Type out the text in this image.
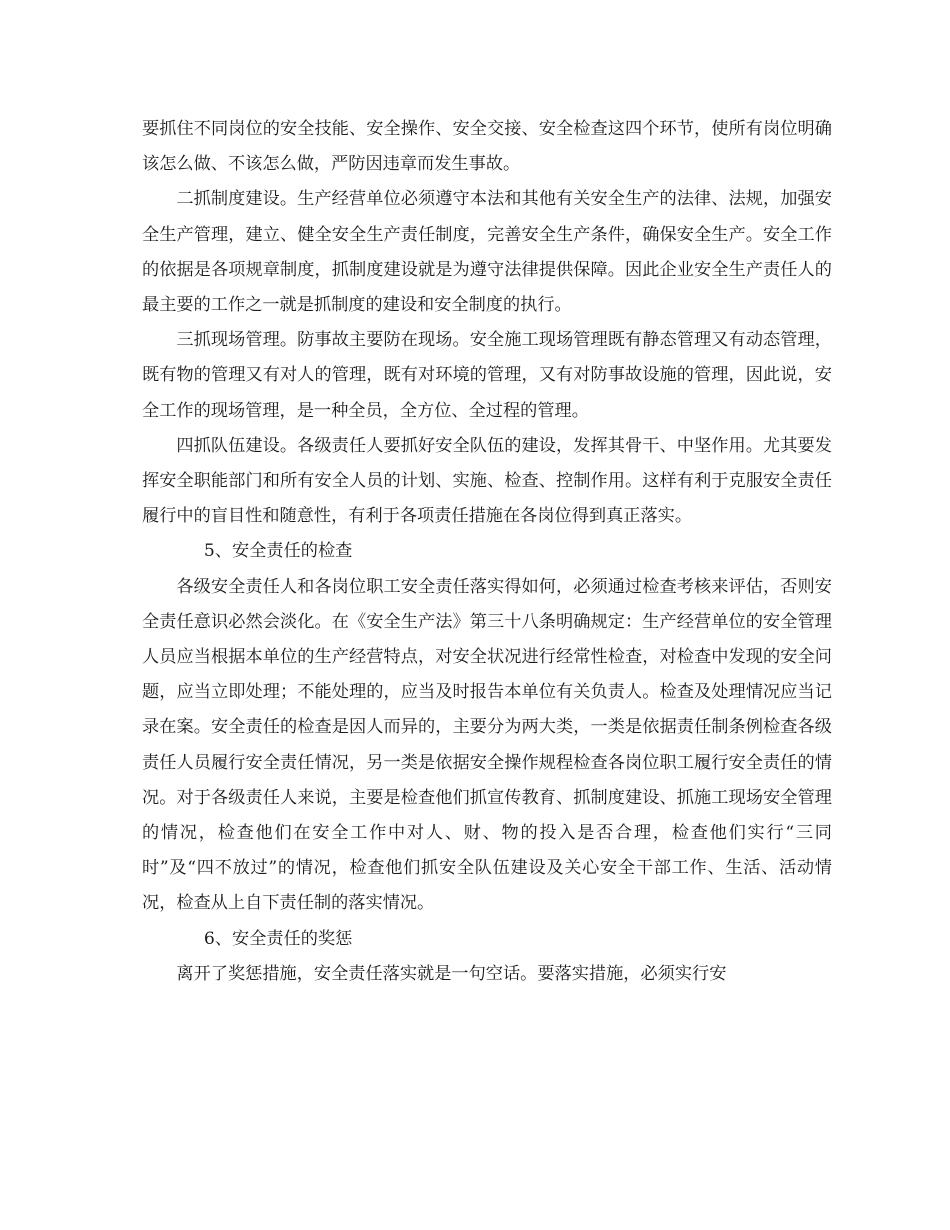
要抓住不同岗位的安全技能、安全操作、安全交接、安全检查这四个环节，使所有岗位明确该怎么做、不该怎么做，严防因违章而发生事故。

二抓制度建设。生产经营单位必须遵守本法和其他有关安全生产的法律、法规，加强安全生产管理，建立、健全安全生产责任制度，完善安全生产条件，确保安全生产。安全工作的依据是各项规章制度，抓制度建设就是为遵守法律提供保障。因此企业安全生产责任人的最主要的工作之一就是抓制度的建设和安全制度的执行。

三抓现场管理。防事故主要防在现场。安全施工现场管理既有静态管理又有动态管理，既有物的管理又有对人的管理，既有对环境的管理，又有对防事故设施的管理，因此说，安全工作的现场管理，是一种全员，全方位、全过程的管理。

四抓队伍建设。各级责任人要抓好安全队伍的建设，发挥其骨干、中坚作用。尤其要发挥安全职能部门和所有安全人员的计划、实施、检查、控制作用。这样有利于克服安全责任履行中的盲目性和随意性，有利于各项责任措施在各岗位得到真正落实。

5、安全责任的检查

各级安全责任人和各岗位职工安全责任落实得如何，必须通过检查考核来评估，否则安全责任意识必然会淡化。在《安全生产法》第三十八条明确规定：生产经营单位的安全管理人员应当根据本单位的生产经营特点，对安全状况进行经常性检查，对检查中发现的安全问题，应当立即处理；不能处理的，应当及时报告本单位有关负责人。检查及处理情况应当记录在案。安全责任的检查是因人而异的，主要分为两大类，一类是依据责任制条例检查各级责任人员履行安全责任情况，另一类是依据安全操作规程检查各岗位职工履行安全责任的情况。对于各级责任人来说，主要是检查他们抓宣传教育、抓制度建设、抓施工现场安全管理的情况，检查他们在安全工作中对人、财、物的投入是否合理，检查他们实行“三同时”及“四不放过”的情况，检查他们抓安全队伍建设及关心安全干部工作、生活、活动情况，检查从上自下责任制的落实情况。

6、安全责任的奖惩

离开了奖惩措施，安全责任落实就是一句空话。要落实措施，必须实行安
